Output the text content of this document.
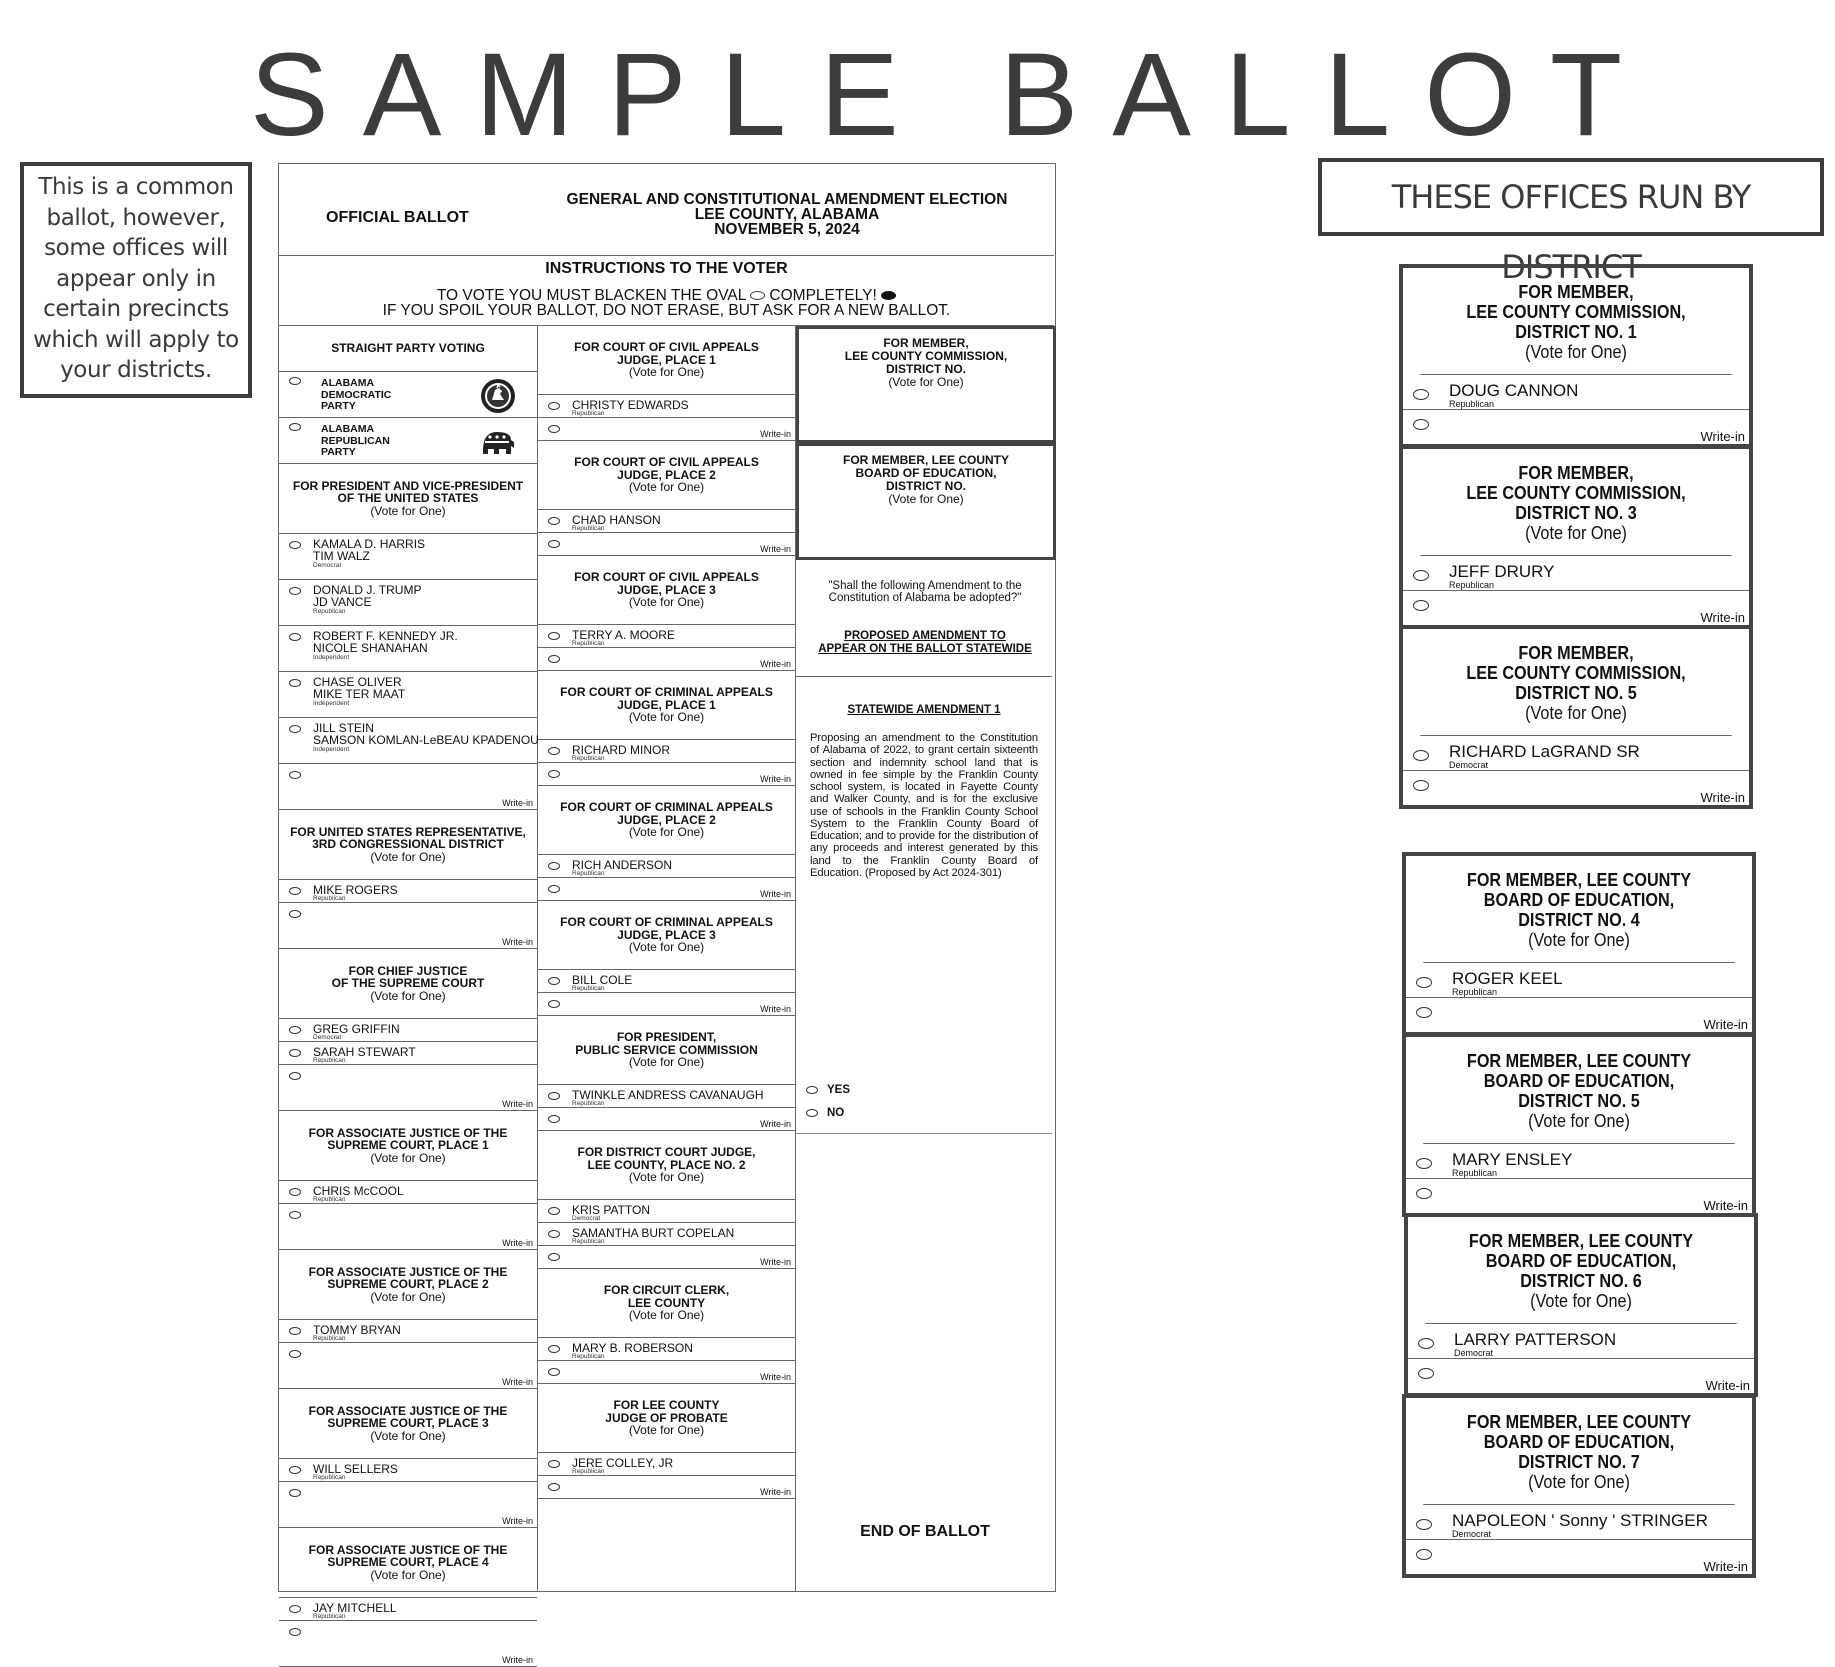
SAMPLE BALLOT
This is a common
ballot, however,
some offices will
appear only in
certain precincts
which will apply to
your districts.
THESE OFFICES RUN BY DISTRICT
OFFICIAL BALLOT
GENERAL AND CONSTITUTIONAL AMENDMENT ELECTION
LEE COUNTY, ALABAMA
NOVEMBER 5, 2024
INSTRUCTIONS TO THE VOTER
TO VOTE YOU MUST BLACKEN THE OVAL COMPLETELY!
IF YOU SPOIL YOUR BALLOT, DO NOT ERASE, BUT ASK FOR A NEW BALLOT.
STRAIGHT PARTY VOTING
ALABAMA
DEMOCRATIC
PARTY
ALABAMA
REPUBLICAN
PARTY
FOR PRESIDENT AND VICE-PRESIDENT
OF THE UNITED STATES
(Vote for One)
KAMALA D. HARRIS
TIM WALZ
Democrat
DONALD J. TRUMP
JD VANCE
Republican
ROBERT F. KENNEDY JR.
NICOLE SHANAHAN
Independent
CHASE OLIVER
MIKE TER MAAT
Independent
JILL STEIN
SAMSON KOMLAN-LeBEAU KPADENOU
Independent
Write-in
FOR UNITED STATES REPRESENTATIVE,
3RD CONGRESSIONAL DISTRICT
(Vote for One)
MIKE ROGERS
Republican
Write-in
FOR CHIEF JUSTICE
OF THE SUPREME COURT
(Vote for One)
GREG GRIFFIN
Democrat
SARAH STEWART
Republican
Write-in
FOR ASSOCIATE JUSTICE OF THE
SUPREME COURT, PLACE 1
(Vote for One)
CHRIS McCOOL
Republican
Write-in
FOR ASSOCIATE JUSTICE OF THE
SUPREME COURT, PLACE 2
(Vote for One)
TOMMY BRYAN
Republican
Write-in
FOR ASSOCIATE JUSTICE OF THE
SUPREME COURT, PLACE 3
(Vote for One)
WILL SELLERS
Republican
Write-in
FOR ASSOCIATE JUSTICE OF THE
SUPREME COURT, PLACE 4
(Vote for One)
JAY MITCHELL
Republican
Write-in
FOR COURT OF CIVIL APPEALS
JUDGE, PLACE 1
(Vote for One)
CHRISTY EDWARDS
Republican
Write-in
FOR COURT OF CIVIL APPEALS
JUDGE, PLACE 2
(Vote for One)
CHAD HANSON
Republican
Write-in
FOR COURT OF CIVIL APPEALS
JUDGE, PLACE 3
(Vote for One)
TERRY A. MOORE
Republican
Write-in
FOR COURT OF CRIMINAL APPEALS
JUDGE, PLACE 1
(Vote for One)
RICHARD MINOR
Republican
Write-in
FOR COURT OF CRIMINAL APPEALS
JUDGE, PLACE 2
(Vote for One)
RICH ANDERSON
Republican
Write-in
FOR COURT OF CRIMINAL APPEALS
JUDGE, PLACE 3
(Vote for One)
BILL COLE
Republican
Write-in
FOR PRESIDENT,
PUBLIC SERVICE COMMISSION
(Vote for One)
TWINKLE ANDRESS CAVANAUGH
Republican
Write-in
FOR DISTRICT COURT JUDGE,
LEE COUNTY, PLACE NO. 2
(Vote for One)
KRIS PATTON
Democrat
SAMANTHA BURT COPELAN
Republican
Write-in
FOR CIRCUIT CLERK,
LEE COUNTY
(Vote for One)
MARY B. ROBERSON
Republican
Write-in
FOR LEE COUNTY
JUDGE OF PROBATE
(Vote for One)
JERE COLLEY, JR
Republican
Write-in
FOR MEMBER,
LEE COUNTY COMMISSION,
DISTRICT NO.
(Vote for One)
FOR MEMBER, LEE COUNTY
BOARD OF EDUCATION,
DISTRICT NO.
(Vote for One)
"Shall the following Amendment to the Constitution of Alabama be adopted?"
PROPOSED AMENDMENT TO
APPEAR ON THE BALLOT STATEWIDE
STATEWIDE AMENDMENT 1
Proposing an amendment to the Constitution of Alabama of 2022, to grant certain sixteenth section and indemnity school land that is owned in fee simple by the Franklin County school system, is located in Fayette County and Walker County, and is for the exclusive use of schools in the Franklin County School System to the Franklin County Board of Education; and to provide for the distribution of any proceeds and interest generated by this land to the Franklin County Board of Education. (Proposed by Act 2024-301)
YES
NO
END OF BALLOT
FOR MEMBER,
LEE COUNTY COMMISSION,
DISTRICT NO. 1
(Vote for One)
DOUG CANNON
Republican
Write-in
FOR MEMBER,
LEE COUNTY COMMISSION,
DISTRICT NO. 3
(Vote for One)
JEFF DRURY
Republican
Write-in
FOR MEMBER,
LEE COUNTY COMMISSION,
DISTRICT NO. 5
(Vote for One)
RICHARD LaGRAND SR
Democrat
Write-in
FOR MEMBER, LEE COUNTY
BOARD OF EDUCATION,
DISTRICT NO. 4
(Vote for One)
ROGER KEEL
Republican
Write-in
FOR MEMBER, LEE COUNTY
BOARD OF EDUCATION,
DISTRICT NO. 5
(Vote for One)
MARY ENSLEY
Republican
Write-in
FOR MEMBER, LEE COUNTY
BOARD OF EDUCATION,
DISTRICT NO. 6
(Vote for One)
LARRY PATTERSON
Democrat
Write-in
FOR MEMBER, LEE COUNTY
BOARD OF EDUCATION,
DISTRICT NO. 7
(Vote for One)
NAPOLEON ' Sonny ' STRINGER
Democrat
Write-in
